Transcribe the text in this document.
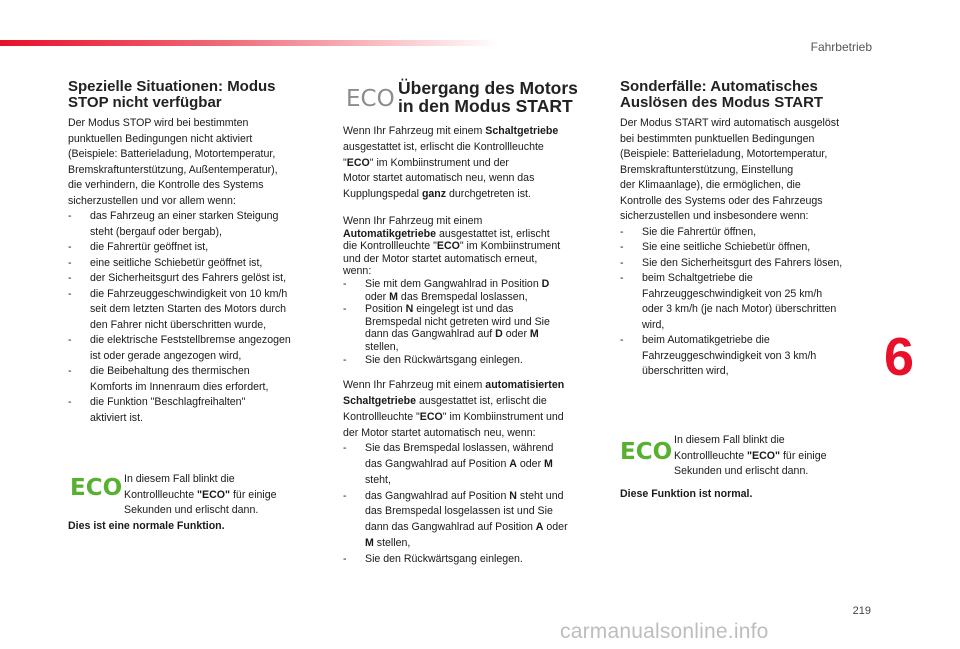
Fahrbetrieb
Spezielle Situationen: Modus
STOP nicht verfügbar
Der Modus STOP wird bei bestimmten
punktuellen Bedingungen nicht aktiviert
(Beispiele: Batterieladung, Motortemperatur,
Bremskraftunterstützung, Außentemperatur),
die verhindern, die Kontrolle des Systems
sicherzustellen und vor allem wenn:
- das Fahrzeug an einer starken Steigung
steht (bergauf oder bergab),
- die Fahrertür geöffnet ist,
- eine seitliche Schiebetür geöffnet ist,
- der Sicherheitsgurt des Fahrers gelöst ist,
- die Fahrzeuggeschwindigkeit von 10 km/h
seit dem letzten Starten des Motors durch
den Fahrer nicht überschritten wurde,
- die elektrische Feststellbremse angezogen
ist oder gerade angezogen wird,
- die Beibehaltung des thermischen
Komforts im Innenraum dies erfordert,
- die Funktion "Beschlagfreihalten"
aktiviert ist.
ECO In diesem Fall blinkt die
Kontrollleuchte "ECO" für einige
Sekunden und erlischt dann.
Dies ist eine normale Funktion.
ECO Übergang des Motors
in den Modus START
Wenn Ihr Fahrzeug mit einem Schaltgetriebe
ausgestattet ist, erlischt die Kontrollleuchte
"ECO" im Kombiinstrument und der
Motor startet automatisch neu, wenn das
Kupplungspedal ganz durchgetreten ist.
Wenn Ihr Fahrzeug mit einem
Automatikgetriebe ausgestattet ist, erlischt
die Kontrollleuchte "ECO" im Kombiinstrument
und der Motor startet automatisch erneut,
wenn:
- Sie mit dem Gangwahlrad in Position D
oder M das Bremspedal loslassen,
- Position N eingelegt ist und das
Bremspedal nicht getreten wird und Sie
dann das Gangwahlrad auf D oder M
stellen,
- Sie den Rückwärtsgang einlegen.
Wenn Ihr Fahrzeug mit einem automatisierten
Schaltgetriebe ausgestattet ist, erlischt die
Kontrollleuchte "ECO" im Kombiinstrument und
der Motor startet automatisch neu, wenn:
- Sie das Bremspedal loslassen, während
das Gangwahlrad auf Position A oder M
steht,
- das Gangwahlrad auf Position N steht und
das Bremspedal losgelassen ist und Sie
dann das Gangwahlrad auf Position A oder
M stellen,
- Sie den Rückwärtsgang einlegen.
Sonderfälle: Automatisches
Auslösen des Modus START
Der Modus START wird automatisch ausgelöst
bei bestimmten punktuellen Bedingungen
(Beispiele: Batterieladung, Motortemperatur,
Bremskraftunterstützung, Einstellung
der Klimaanlage), die ermöglichen, die
Kontrolle des Systems oder des Fahrzeugs
sicherzustellen und insbesondere wenn:
- Sie die Fahrertür öffnen,
- Sie eine seitliche Schiebetür öffnen,
- Sie den Sicherheitsgurt des Fahrers lösen,
- beim Schaltgetriebe die
Fahrzeuggeschwindigkeit von 25 km/h
oder 3 km/h (je nach Motor) überschritten
wird,
- beim Automatikgetriebe die
Fahrzeuggeschwindigkeit von 3 km/h
überschritten wird,
ECO In diesem Fall blinkt die
Kontrollleuchte "ECO" für einige
Sekunden und erlischt dann.
Diese Funktion ist normal.
6
219
carmanualsonline.info
